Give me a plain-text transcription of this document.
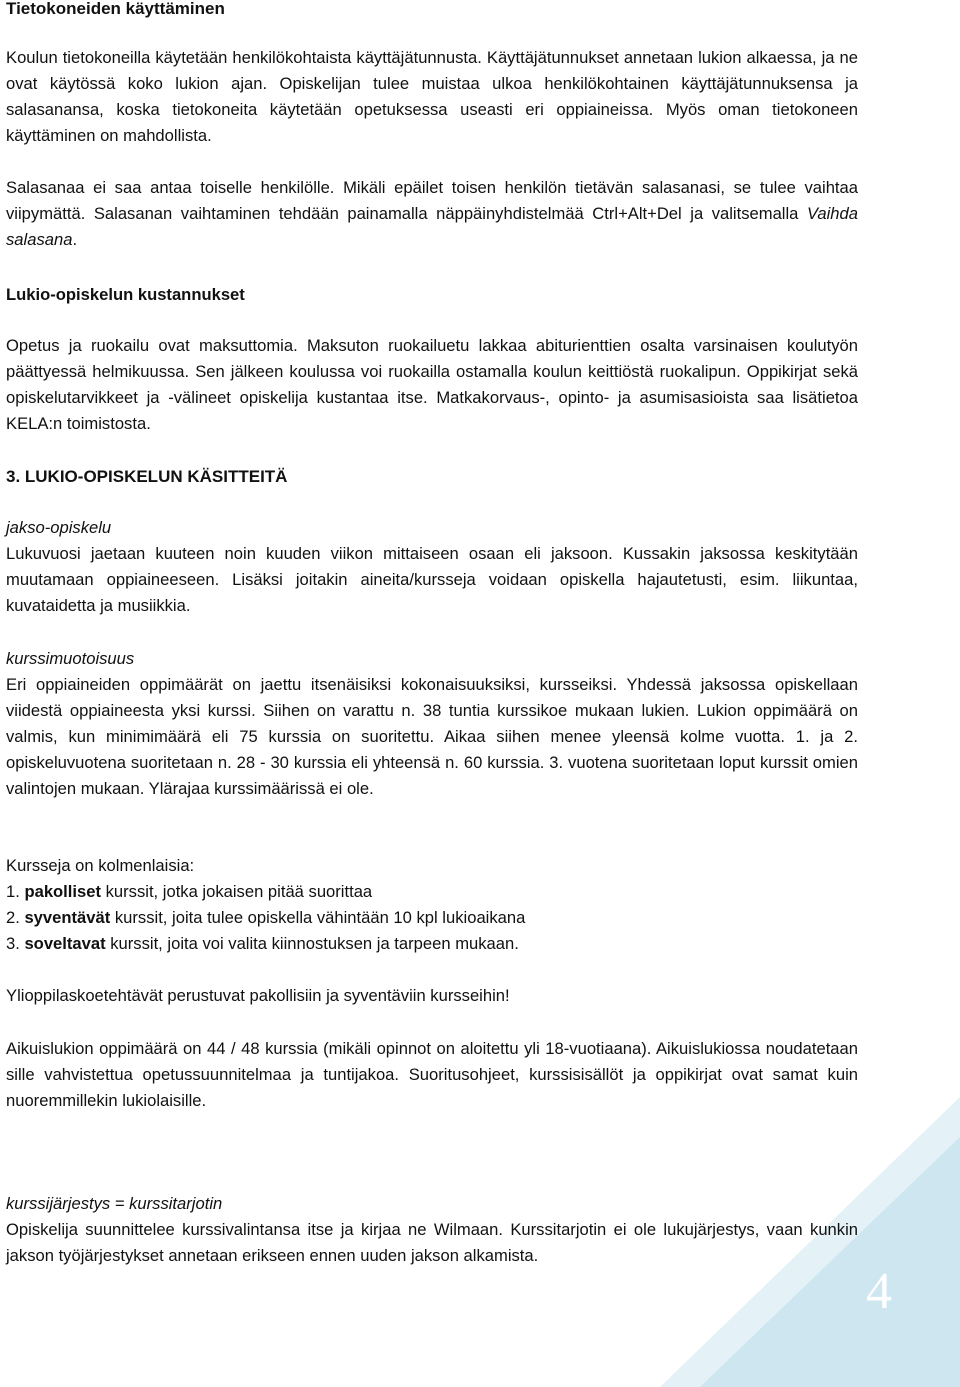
Tietokoneiden käyttäminen

Koulun tietokoneilla käytetään henkilökohtaista käyttäjätunnusta. Käyttäjätunnukset annetaan lukion alkaessa, ja ne ovat käytössä koko lukion ajan. Opiskelijan tulee muistaa ulkoa henkilökohtainen käyttäjätunnuksensa ja salasanansa, koska tietokoneita käytetään opetuksessa useasti eri oppiaineissa. Myös oman tietokoneen käyttäminen on mahdollista.

Salasanaa ei saa antaa toiselle henkilölle. Mikäli epäilet toisen henkilön tietävän salasanasi, se tulee vaihtaa viipymättä. Salasanan vaihtaminen tehdään painamalla näppäinyhdistelmää Ctrl+Alt+Del ja valitsemalla Vaihda salasana.

Lukio-opiskelun kustannukset

Opetus ja ruokailu ovat maksuttomia. Maksuton ruokailuetu lakkaa abiturienttien osalta varsinaisen koulutyön päättyessä helmikuussa. Sen jälkeen koulussa voi ruokailla ostamalla koulun keittiöstä ruokalipun. Oppikirjat sekä opiskelutarvikkeet ja -välineet opiskelija kustantaa itse. Matkakorvaus-, opinto- ja asumisasioista saa lisätietoa KELA:n toimistosta.

3. LUKIO-OPISKELUN KÄSITTEITÄ

jakso-opiskelu

Lukuvuosi jaetaan kuuteen noin kuuden viikon mittaiseen osaan eli jaksoon. Kussakin jaksossa keskitytään muutamaan oppiaineeseen. Lisäksi joitakin aineita/kursseja voidaan opiskella hajautetusti, esim. liikuntaa, kuvataidetta ja musiikkia.

kurssimuotoisuus

Eri oppiaineiden oppimäärät on jaettu itsenäisiksi kokonaisuuksiksi, kursseiksi. Yhdessä jaksossa opiskellaan viidestä oppiaineesta yksi kurssi. Siihen on varattu n. 38 tuntia kurssikoe mukaan lukien. Lukion oppimäärä on valmis, kun minimimäärä eli 75 kurssia on suoritettu. Aikaa siihen menee yleensä kolme vuotta. 1. ja 2. opiskeluvuotena suoritetaan n. 28 - 30 kurssia eli yhteensä n. 60 kurssia. 3. vuotena suoritetaan loput kurssit omien valintojen mukaan. Ylärajaa kurssimäärissä ei ole.

Kursseja on kolmenlaisia:

1. pakolliset kurssit, jotka jokaisen pitää suorittaa

2. syventävät kurssit, joita tulee opiskella vähintään 10 kpl lukioaikana

3. soveltavat kurssit, joita voi valita kiinnostuksen ja tarpeen mukaan.

Ylioppilaskoetehtävät perustuvat pakollisiin ja syventäviin kursseihin!

Aikuislukion oppimäärä on 44 / 48 kurssia (mikäli opinnot on aloitettu yli 18-vuotiaana). Aikuislukiossa noudatetaan sille vahvistettua opetussuunnitelmaa ja tuntijakoa. Suoritusohjeet, kurssisisällöt ja oppikirjat ovat samat kuin nuoremmillekin lukiolaisille.

kurssijärjestys = kurssitarjotin

Opiskelija suunnittelee kurssivalintansa itse ja kirjaa ne Wilmaan. Kurssitarjotin ei ole lukujärjestys, vaan kunkin jakson työjärjestykset annetaan erikseen ennen uuden jakson alkamista.

4
